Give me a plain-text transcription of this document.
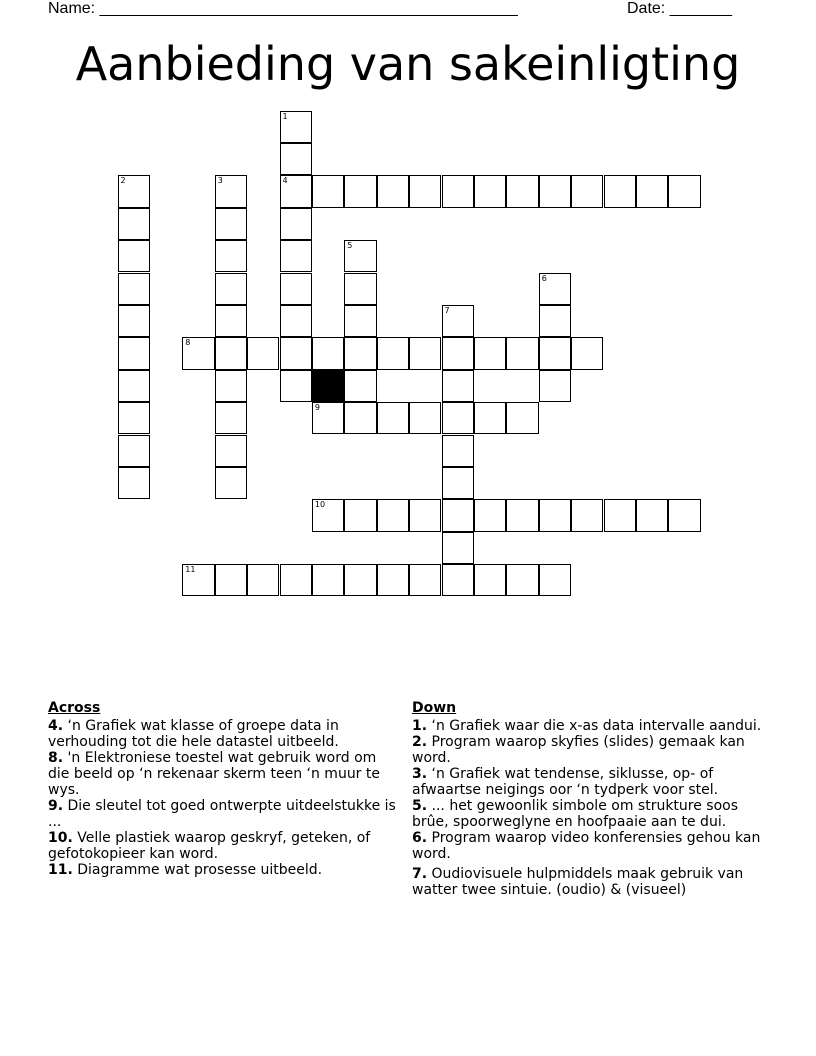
Name: _______________________________________________	Date: _______
Aanbieding van sakeinligting
1
4
2	3
5
6
7
8
9
10
11
Across
4. ‘n Grafiek wat klasse of groepe data in verhouding tot die hele datastel uitbeeld.
8. 'n Elektroniese toestel wat gebruik word om die beeld op ‘n rekenaar skerm teen ‘n muur te wys.
9. Die sleutel tot goed ontwerpte uitdeelstukke is ...
10. Velle plastiek waarop geskryf, geteken, of gefotokopieer kan word.
11. Diagramme wat prosesse uitbeeld.
Down
1. ‘n Grafiek waar die x-as data intervalle aandui.
2. Program waarop skyfies (slides) gemaak kan word.
3. ‘n Grafiek wat tendense, siklusse, op- of afwaartse neigings oor ‘n tydperk voor stel.
5. ... het gewoonlik simbole om strukture soos brûe, spoorweglyne en hoofpaaie aan te dui.
6. Program waarop video konferensies gehou kan word.
7. Oudiovisuele hulpmiddels maak gebruik van watter twee sintuie. (oudio) & (visueel)
